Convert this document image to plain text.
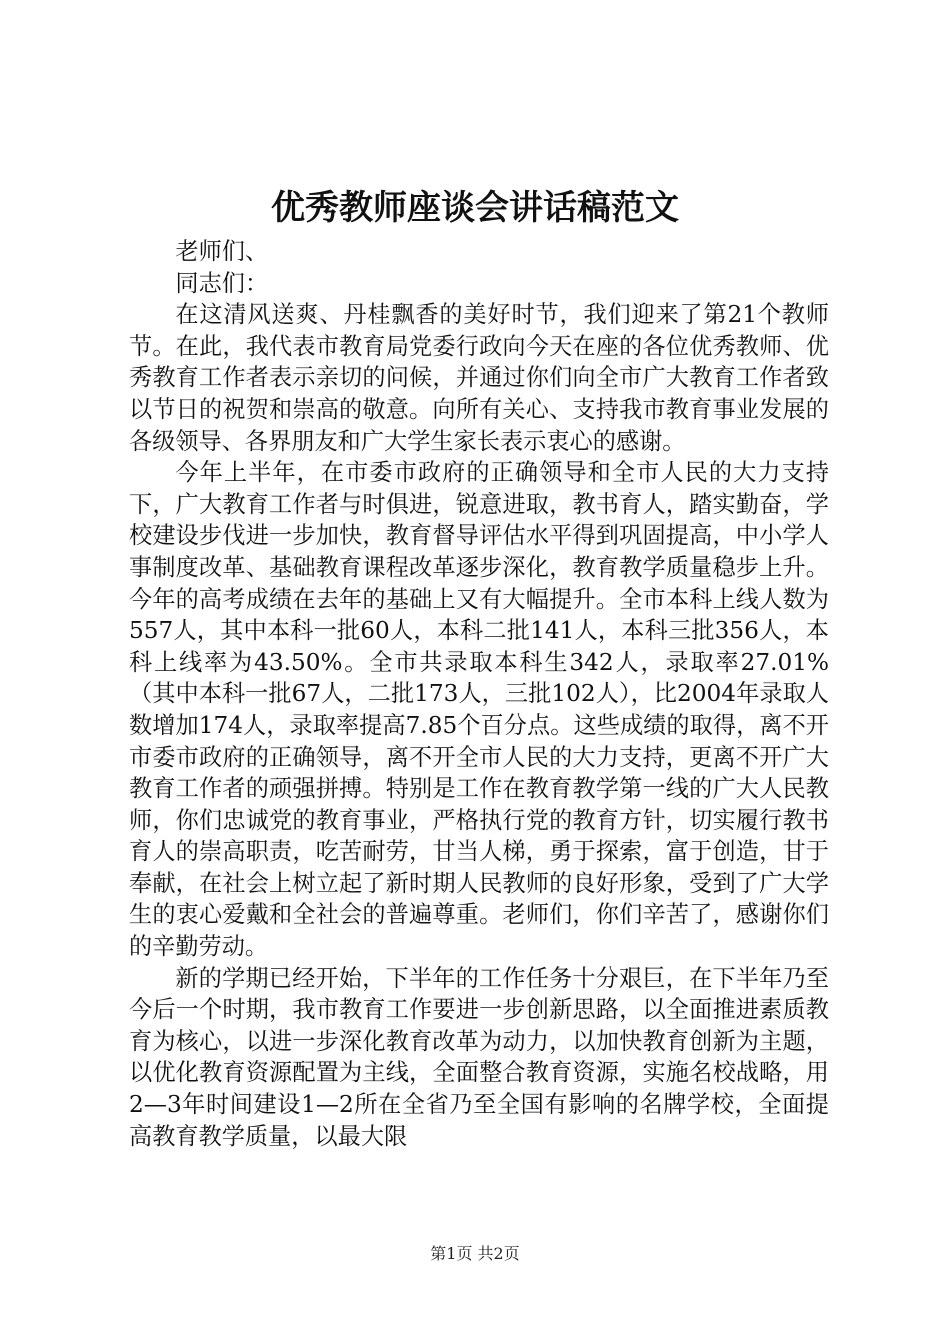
优秀教师座谈会讲话稿范文

老师们、

同志们：

在这清风送爽、丹桂飘香的美好时节，我们迎来了第21个教师节。在此，我代表市教育局党委行政向今天在座的各位优秀教师、优秀教育工作者表示亲切的问候，并通过你们向全市广大教育工作者致以节日的祝贺和崇高的敬意。向所有关心、支持我市教育事业发展的各级领导、各界朋友和广大学生家长表示衷心的感谢。

今年上半年，在市委市政府的正确领导和全市人民的大力支持下，广大教育工作者与时俱进，锐意进取，教书育人，踏实勤奋，学校建设步伐进一步加快，教育督导评估水平得到巩固提高，中小学人事制度改革、基础教育课程改革逐步深化，教育教学质量稳步上升。今年的高考成绩在去年的基础上又有大幅提升。全市本科上线人数为557人，其中本科一批60人，本科二批141人，本科三批356人，本科上线率为43.50%。全市共录取本科生342人，录取率27.01%（其中本科一批67人，二批173人，三批102人），比2004年录取人数增加174人，录取率提高7.85个百分点。这些成绩的取得，离不开市委市政府的正确领导，离不开全市人民的大力支持，更离不开广大教育工作者的顽强拼搏。特别是工作在教育教学第一线的广大人民教师，你们忠诚党的教育事业，严格执行党的教育方针，切实履行教书育人的崇高职责，吃苦耐劳，甘当人梯，勇于探索，富于创造，甘于奉献，在社会上树立起了新时期人民教师的良好形象，受到了广大学生的衷心爱戴和全社会的普遍尊重。老师们，你们辛苦了，感谢你们的辛勤劳动。

新的学期已经开始，下半年的工作任务十分艰巨，在下半年乃至今后一个时期，我市教育工作要进一步创新思路，以全面推进素质教育为核心，以进一步深化教育改革为动力，以加快教育创新为主题，以优化教育资源配置为主线，全面整合教育资源，实施名校战略，用2—3年时间建设1—2所在全省乃至全国有影响的名牌学校，全面提高教育教学质量，以最大限

第1页 共2页
